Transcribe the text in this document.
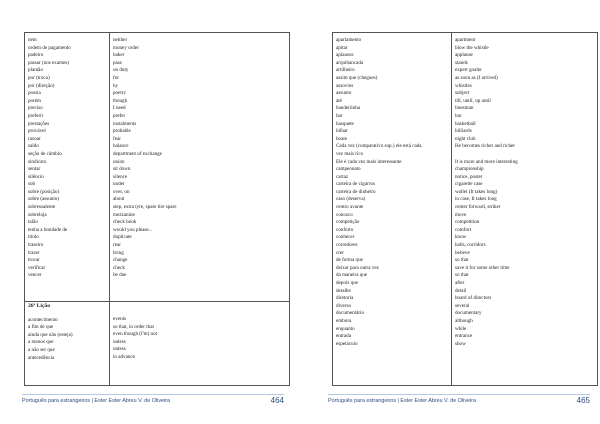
nem
ordem de pagamento
padeiro
passar (nos exames)
plantão
por (troca)
por (direção)
possia
porém
preciso
preferir
prestações
provável
razoar
saldo
seção de câmbio
sindicato
sentar
silêncio
sob
sobre (posição)
sobre (assunto)
sobressalente
sobreloja
talão
tenha a bondade de
título
traseiro
trazer
trocar
verificar
vencer
neither
money order
baker
pass
on duty
for
by
poetry
though
I need
prefer
instalments
probable
fear
balance
department of exchange
union
sit down
silence
under
over, on
about
step, extra tyre, spare tire spare
mezzanine
check book
would you please...
duplicate
rear
bring
change
check
be due
26ª Lição
acontecimento
a fim de que
ainda que não (esteja)
a menos que
a não ser que
antecedência
events
so that, in order that
even though (I'm) not
unless
unless
in advance
Português para estrangeiros | Ester Ester Abreu V. de Oliveira	464
apartamento
apitar
aplausos
arquibancada
artilheiro
assim que (chegues)
assovios
assunto
até
bandeirinha
bar
basquete
bilhar
boate
Cada vez (comparativo sup.) ele está cada
vez mais rico
Ele é cada vez mais interessante
campeonato
cartaz
carteira de cigarros
carteira de dinheiro
caso (deserva)
centro avante
conosco
competição
conforto
conhecer
corredores
crer
de forma que
deixar para outra vez
da maneira que
depois que
detalhe
diretoria
diverso
documentário
embora
enquanto
entrada
espetáculo
apartment
blow the whistle
applause
stands
expert goaler
as soon as (I arrived)
whistles
subject
till, until, up until
linesman
bar
basketball
billiards
night club
He becomes richer and richer
It is more and more interesting
championship
notice, poster
cigarette case
wallet (It takes long)
in case, It takes long
center forward, striker
move
competition
comfort
know
halls, corridors
believe
so that
save it for some other time
so that
after
detail
board of directors
several
documentary
although
while
entrance
show
Português para estrangeiros | Ester Ester Abreu V. de Oliveira	465
